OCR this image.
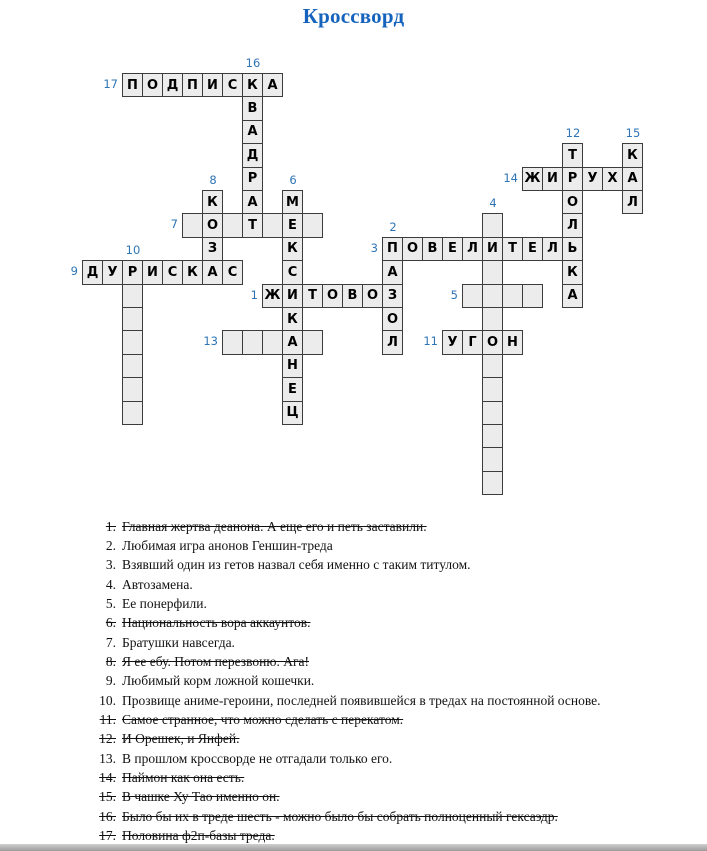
Кроссворд
П О Д П И С К А
17
В
А
Д
Р
А
Т
16
К
О
З
А
8
М
Е
К
С
И
К
А
Н
Е
Ц
6
7
Т
Р
О
Л
Ь
К
А
12
К
А
Л
15
Ж И У Х
14
П О В Е Л И Т Е Л
3
А
З
О
Л
2
О
4
Д У Р И С К С
9
10
Ж Т О В О
1	5
У Г Н
11
13
1. Главная жертва деанона. А еще его и петь заставили.
2. Любимая игра анонов Геншин-треда
3. Взявший один из гетов назвал себя именно с таким титулом.
4. Автозамена.
5. Ее понерфили.
6. Национальность вора аккаунтов.
7. Братушки навсегда.
8. Я ее ебу. Потом перезвоню. Ага!
9. Любимый корм ложной кошечки.
10. Прозвище аниме-героини, последней появившейся в тредах на постоянной основе.
11. Самое странное, что можно сделать с перекатом.
12. И Орешек, и Янфей.
13. В прошлом кроссворде не отгадали только его.
14. Паймон как она есть.
15. В чашке Ху Тао именно он.
16. Было бы их в треде шесть - можно было бы собрать полноценный гексаэдр.
17. Половина ф2п-базы треда.
